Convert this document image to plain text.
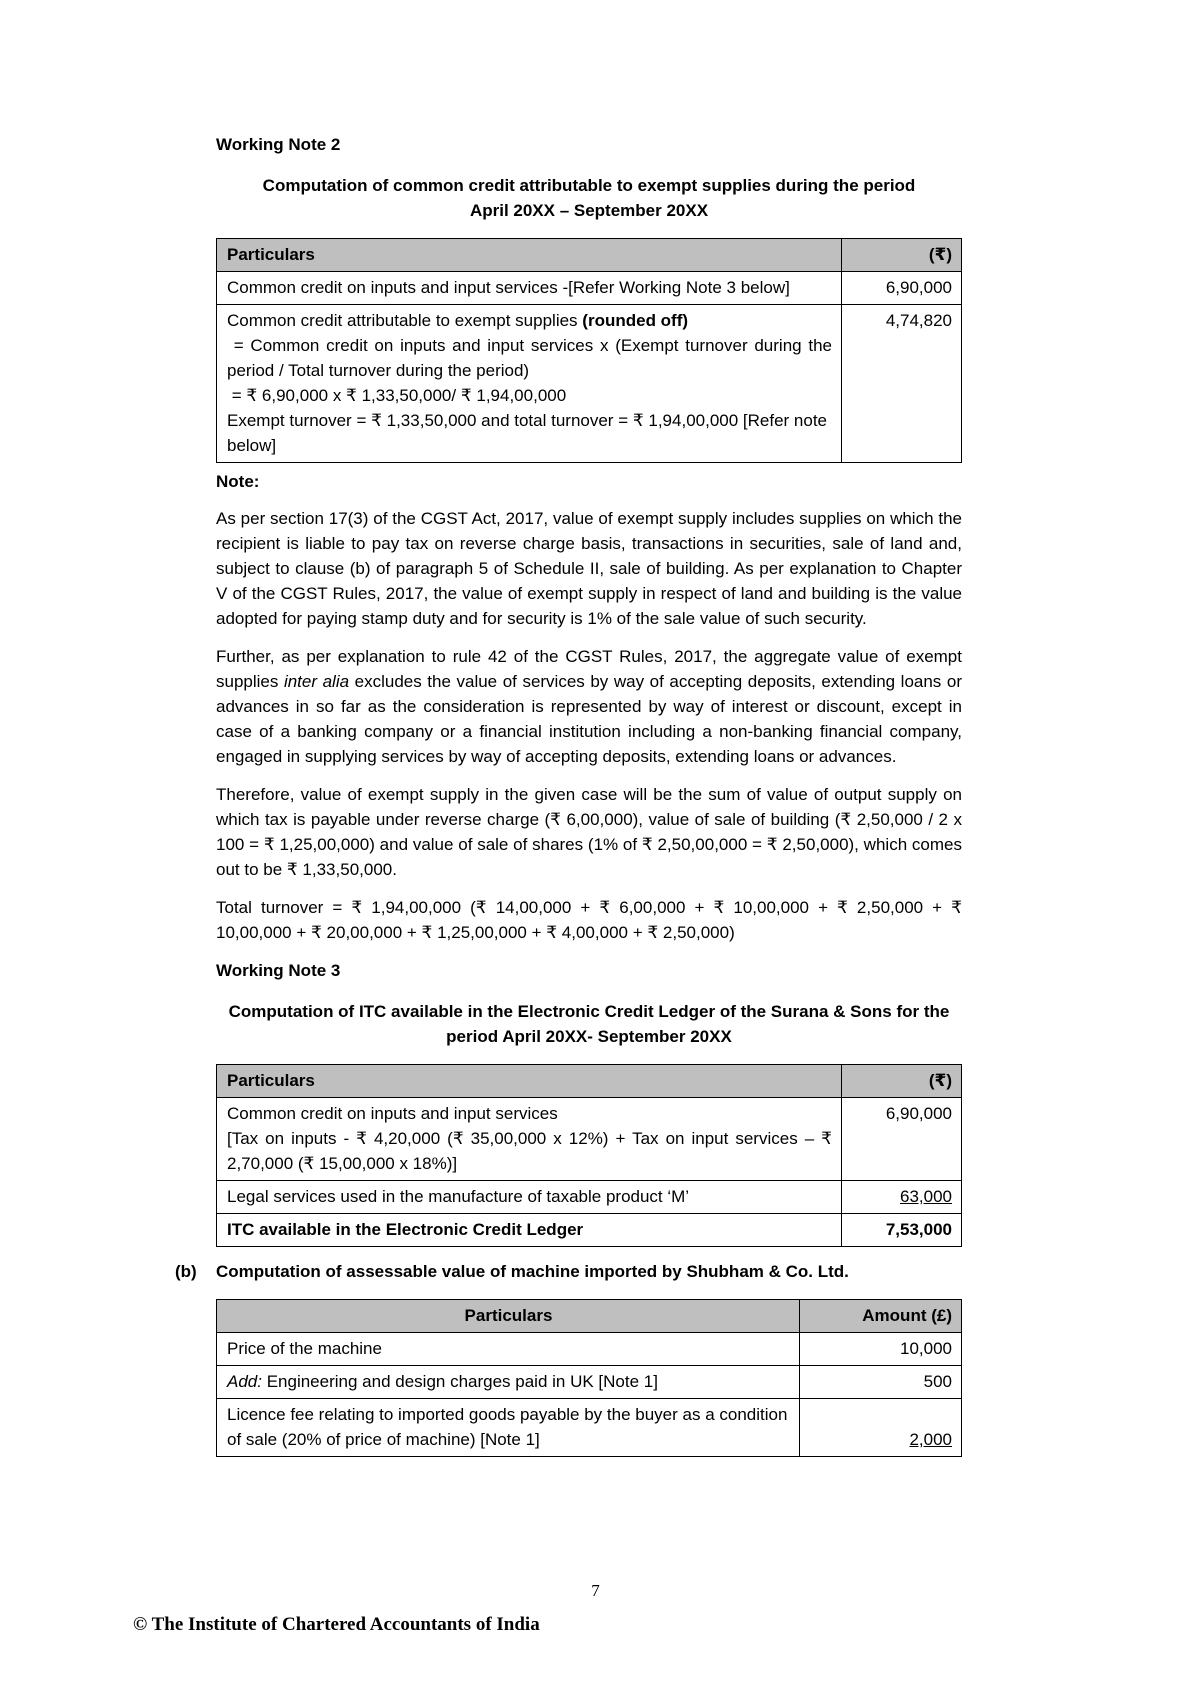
Working Note 2
Computation of common credit attributable to exempt supplies during the period
April 20XX – September 20XX
Particulars	(₹)
Common credit on inputs and input services -[Refer Working Note 3 below]	6,90,000

Common credit attributable to exempt supplies (rounded off)
= Common credit on inputs and input services x (Exempt turnover during the period / Total turnover during the period)
= ₹ 6,90,000 x ₹ 1,33,50,000/ ₹ 1,94,00,000
Exempt turnover = ₹ 1,33,50,000 and total turnover = ₹ 1,94,00,000 [Refer note below]	4,74,820
Note:

As per section 17(3) of the CGST Act, 2017, value of exempt supply includes supplies on which the recipient is liable to pay tax on reverse charge basis, transactions in securities, sale of land and, subject to clause (b) of paragraph 5 of Schedule II, sale of building. As per explanation to Chapter V of the CGST Rules, 2017, the value of exempt supply in respect of land and building is the value adopted for paying stamp duty and for security is 1% of the sale value of such security.

Further, as per explanation to rule 42 of the CGST Rules, 2017, the aggregate value of exempt supplies inter alia excludes the value of services by way of accepting deposits, extending loans or advances in so far as the consideration is represented by way of interest or discount, except in case of a banking company or a financial institution including a non-banking financial company, engaged in supplying services by way of accepting deposits, extending loans or advances.

Therefore, value of exempt supply in the given case will be the sum of value of output supply on which tax is payable under reverse charge (₹ 6,00,000), value of sale of building (₹ 2,50,000 / 2 x 100 = ₹ 1,25,00,000) and value of sale of shares (1% of ₹ 2,50,00,000 = ₹ 2,50,000), which comes out to be ₹ 1,33,50,000.

Total turnover = ₹ 1,94,00,000 (₹ 14,00,000 + ₹ 6,00,000 + ₹ 10,00,000 + ₹ 2,50,000 + ₹ 10,00,000 + ₹ 20,00,000 + ₹ 1,25,00,000 + ₹ 4,00,000 + ₹ 2,50,000)

Working Note 3
Computation of ITC available in the Electronic Credit Ledger of the Surana & Sons for the period April 20XX- September 20XX
Particulars	(₹)

Common credit on inputs and input services
[Tax on inputs - ₹ 4,20,000 (₹ 35,00,000 x 12%) + Tax on input services – ₹ 2,70,000 (₹ 15,00,000 x 18%)]	6,90,000
Legal services used in the manufacture of taxable product ‘M’	63,000
ITC available in the Electronic Credit Ledger	7,53,000
(b) Computation of assessable value of machine imported by Shubham & Co. Ltd.
Particulars	Amount (£)
Price of the machine	10,000
Add: Engineering and design charges paid in UK [Note 1]	500
Licence fee relating to imported goods payable by the buyer as a condition of sale (20% of price of machine) [Note 1]	2,000
7
© The Institute of Chartered Accountants of India
